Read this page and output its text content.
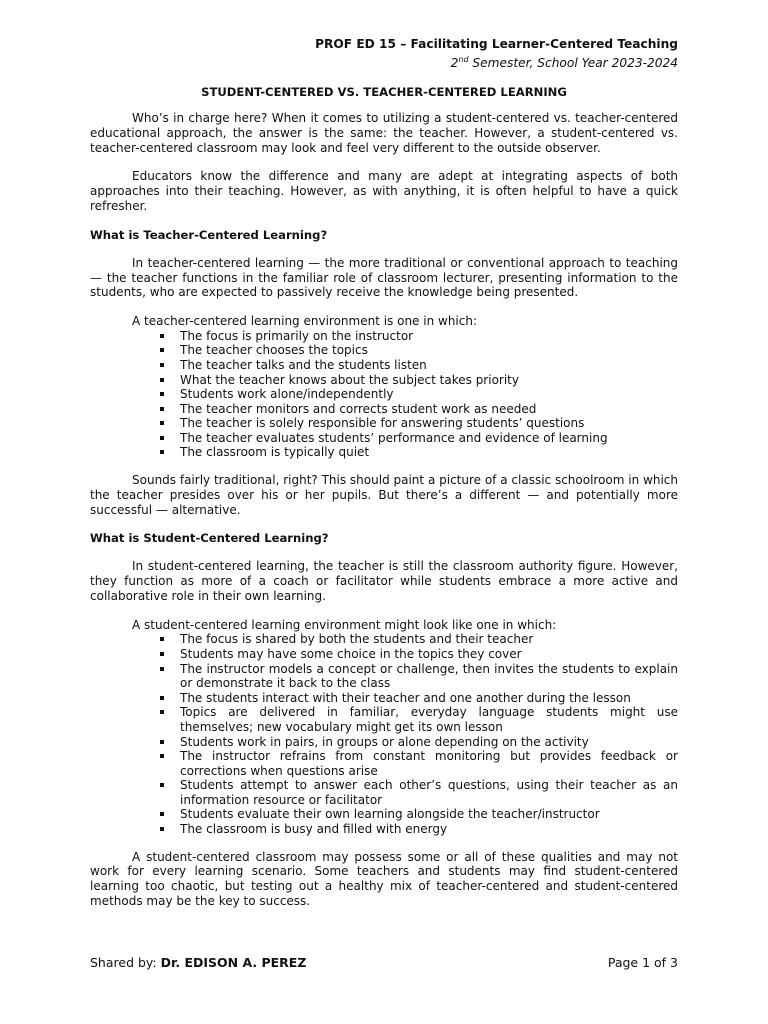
PROF ED 15 – Facilitating Learner-Centered Teaching
2nd Semester, School Year 2023-2024
STUDENT-CENTERED VS. TEACHER-CENTERED LEARNING

Who’s in charge here? When it comes to utilizing a student-centered vs. teacher-centered educational approach, the answer is the same: the teacher. However, a student-centered vs. teacher-centered classroom may look and feel very different to the outside observer.

Educators know the difference and many are adept at integrating aspects of both approaches into their teaching. However, as with anything, it is often helpful to have a quick refresher.

What is Teacher-Centered Learning?

In teacher-centered learning — the more traditional or conventional approach to teaching — the teacher functions in the familiar role of classroom lecturer, presenting information to the students, who are expected to passively receive the knowledge being presented.

A teacher-centered learning environment is one in which:

The focus is primarily on the instructor
The teacher chooses the topics
The teacher talks and the students listen
What the teacher knows about the subject takes priority
Students work alone/independently
The teacher monitors and corrects student work as needed
The teacher is solely responsible for answering students’ questions
The teacher evaluates students’ performance and evidence of learning
The classroom is typically quiet

Sounds fairly traditional, right? This should paint a picture of a classic schoolroom in which the teacher presides over his or her pupils. But there’s a different — and potentially more successful — alternative.

What is Student-Centered Learning?

In student-centered learning, the teacher is still the classroom authority figure. However, they function as more of a coach or facilitator while students embrace a more active and collaborative role in their own learning.

A student-centered learning environment might look like one in which:

The focus is shared by both the students and their teacher
Students may have some choice in the topics they cover
The instructor models a concept or challenge, then invites the students to explain or demonstrate it back to the class
The students interact with their teacher and one another during the lesson
Topics are delivered in familiar, everyday language students might use themselves; new vocabulary might get its own lesson
Students work in pairs, in groups or alone depending on the activity
The instructor refrains from constant monitoring but provides feedback or corrections when questions arise
Students attempt to answer each other’s questions, using their teacher as an information resource or facilitator
Students evaluate their own learning alongside the teacher/instructor
The classroom is busy and filled with energy

A student-centered classroom may possess some or all of these qualities and may not work for every learning scenario. Some teachers and students may find student-centered learning too chaotic, but testing out a healthy mix of teacher-centered and student-centered methods may be the key to success.

Shared by: Dr. EDISON A. PEREZ	Page 1 of 3
